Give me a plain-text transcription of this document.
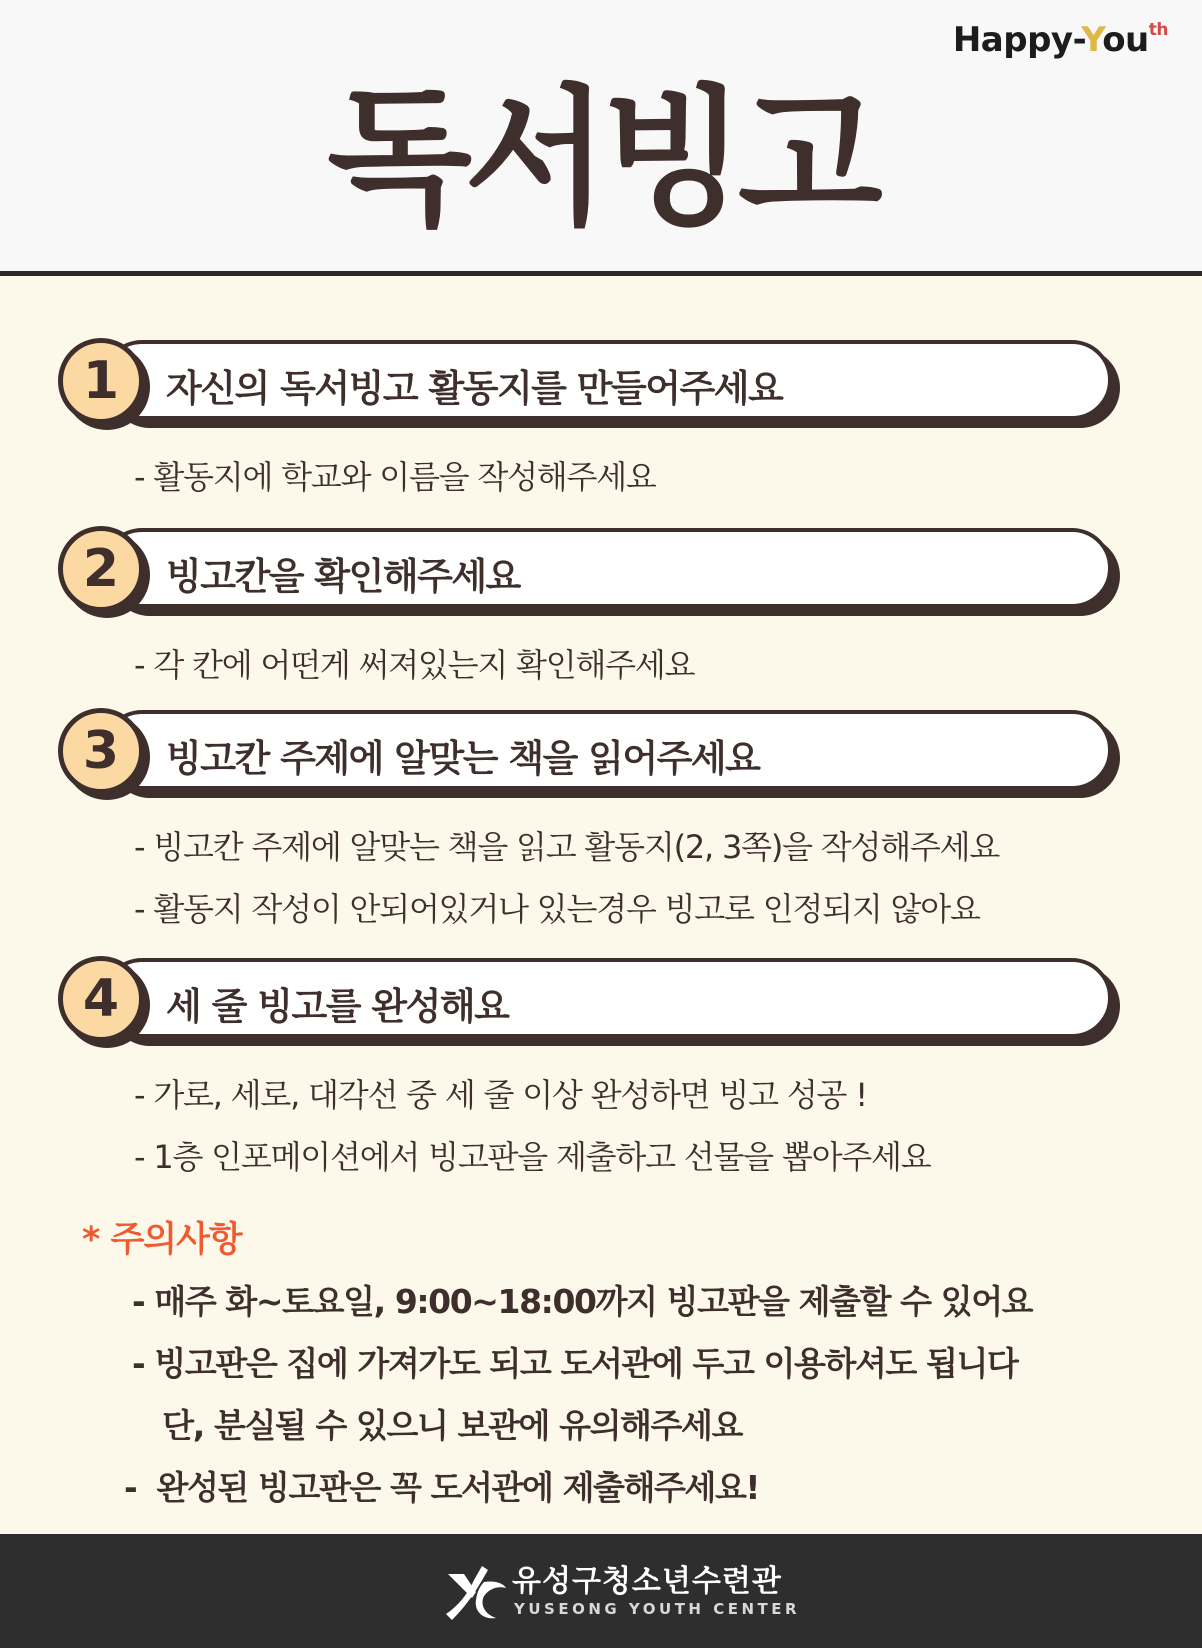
Happy-You$^{th}$
독서빙고
1	자신의 독서빙고 활동지를 만들어주세요
- 활동지에 학교와 이름을 작성해주세요
2	빙고칸을 확인해주세요
- 각 칸에 어떤게 써져있는지 확인해주세요
3	빙고칸 주제에 알맞는 책을 읽어주세요
- 빙고칸 주제에 알맞는 책을 읽고 활동지(2, 3쪽)을 작성해주세요
- 활동지 작성이 안되어있거나 있는경우 빙고로 인정되지 않아요
4	세 줄 빙고를 완성해요
- 가로, 세로, 대각선 중 세 줄 이상 완성하면 빙고 성공 !
- 1층 인포메이션에서 빙고판을 제출하고 선물을 뽑아주세요
* 주의사항
- 매주 화~토요일, 9:00~18:00까지 빙고판을 제출할 수 있어요
- 빙고판은 집에 가져가도 되고 도서관에 두고 이용하셔도 됩니다
단, 분실될 수 있으니 보관에 유의해주세요
-  완성된 빙고판은 꼭 도서관에 제출해주세요!
유성구청소년수련관
YUSEONG YOUTH CENTER
